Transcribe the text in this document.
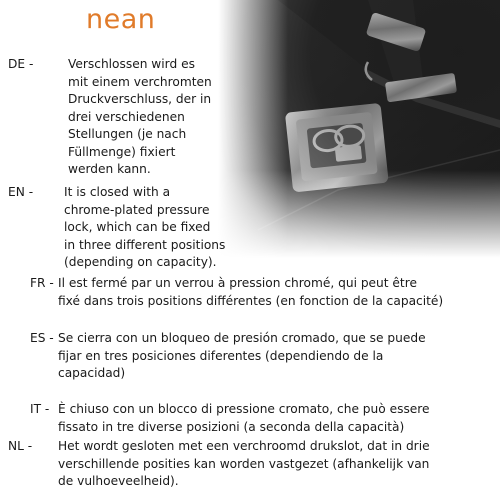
nean
DE -	Verschlossen wird es
mit einem verchromten
Druckverschluss, der in
drei verschiedenen
Stellungen (je nach
Füllmenge) fixiert
werden kann.
EN -	It is closed with a
chrome-plated pressure
lock, which can be fixed
in three different positions
(depending on capacity).
FR - Il est fermé par un verrou à pression chromé, qui peut être
fixé dans trois positions différentes (en fonction de la capacité)
ES - Se cierra con un bloqueo de presión cromado, que se puede
fijar en tres posiciones diferentes (dependiendo de la
capacidad)
IT - È chiuso con un blocco di pressione cromato, che può essere
fissato in tre diverse posizioni (a seconda della capacità)
NL -	Het wordt gesloten met een verchroomd drukslot, dat in drie
verschillende posities kan worden vastgezet (afhankelijk van
de vulhoeveelheid).
